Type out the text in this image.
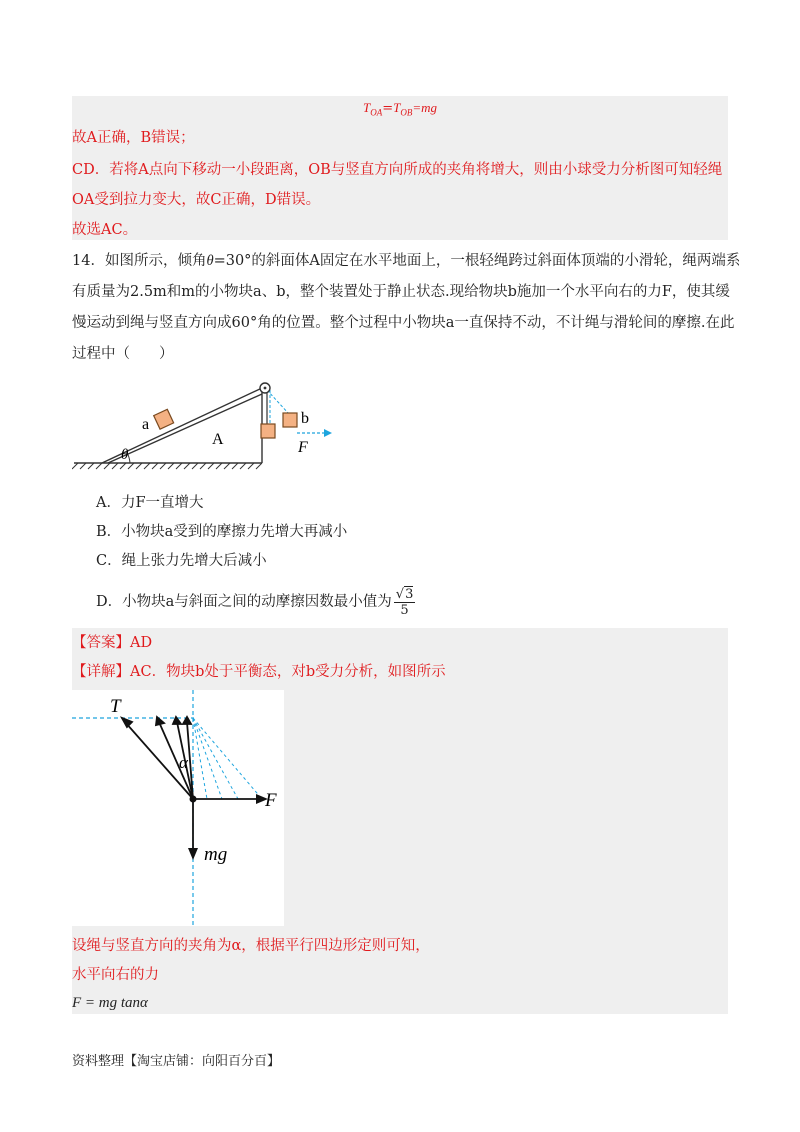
$T_{OA}=T_{OB}=mg$
故A正确，B错误；
CD．若将A点向下移动一小段距离，OB与竖直方向所成的夹角将增大，则由小球受力分析图可知轻绳
OA受到拉力变大，故C正确，D错误。
故选AC。
14．如图所示，倾角θ=30°的斜面体A固定在水平地面上，一根轻绳跨过斜面体顶端的小滑轮，绳两端系
有质量为2.5m和m的小物块a、b，整个装置处于静止状态.现给物块b施加一个水平向右的力F，使其缓
慢运动到绳与竖直方向成60°角的位置。整个过程中小物块a一直保持不动，不计绳与滑轮间的摩擦.在此
过程中（　　）
a
A
b
F
θ
A．力F一直增大
B．小物块a受到的摩擦力先增大再减小
C．绳上张力先增大后减小
D．小物块a与斜面之间的动摩擦因数最小值为 $\frac{√3}{5}$
【答案】AD
【详解】AC．物块b处于平衡态，对b受力分析，如图所示
T
α
F
mg
设绳与竖直方向的夹角为α，根据平行四边形定则可知，
水平向右的力
F = mg tanα
资料整理【淘宝店铺：向阳百分百】
